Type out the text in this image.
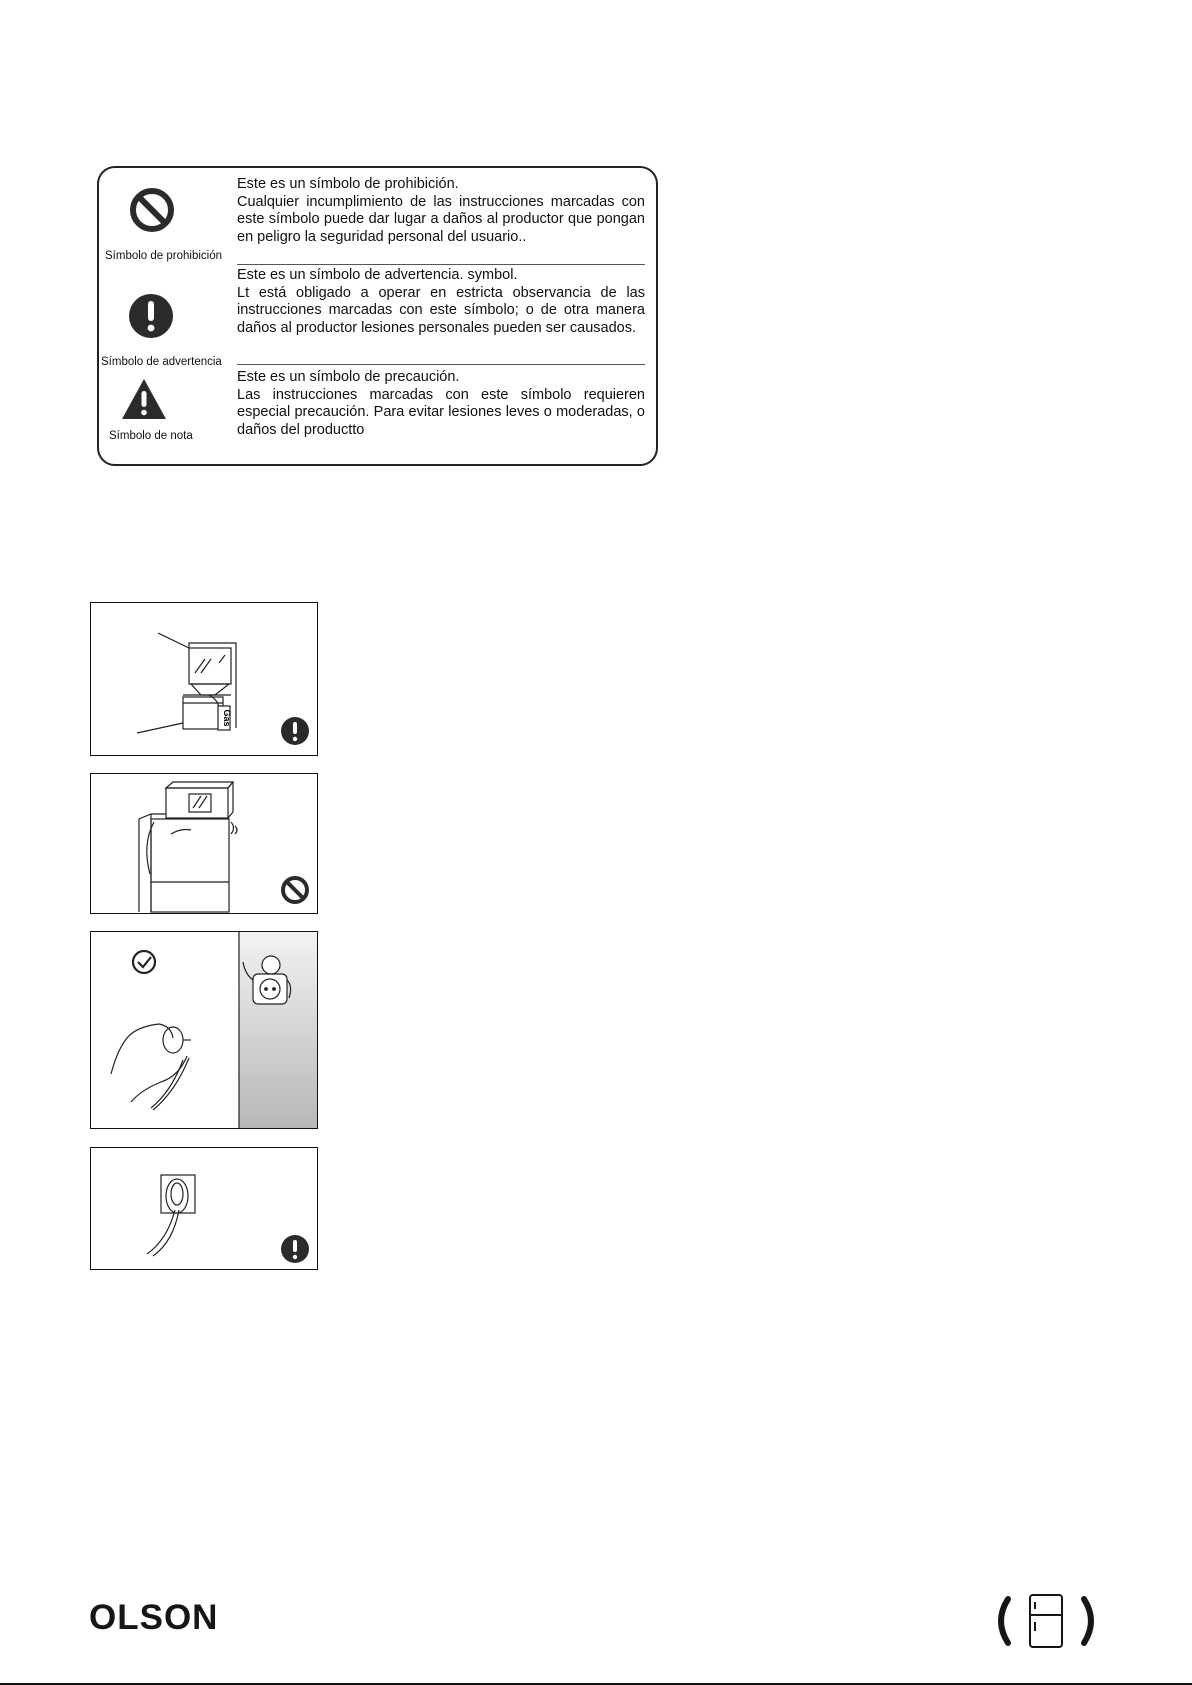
Símbolo de prohibición
Símbolo de advertencia
Símbolo de nota
Este es un símbolo de prohibición.
Cualquier incumplimiento de las instrucciones marcadas con este símbolo puede dar lugar a daños al productor que pongan en peligro la seguridad personal del usuario..
Este es un símbolo de advertencia. symbol.
Lt está obligado a operar en estricta observancia de las instrucciones marcadas con este símbolo; o de otra manera daños al productor lesiones personales pueden ser causados.
Este es un símbolo de precaución.
Las instrucciones marcadas con este símbolo requieren especial precaución. Para evitar lesiones leves o moderadas, o daños del productto
Gas
OLSON
